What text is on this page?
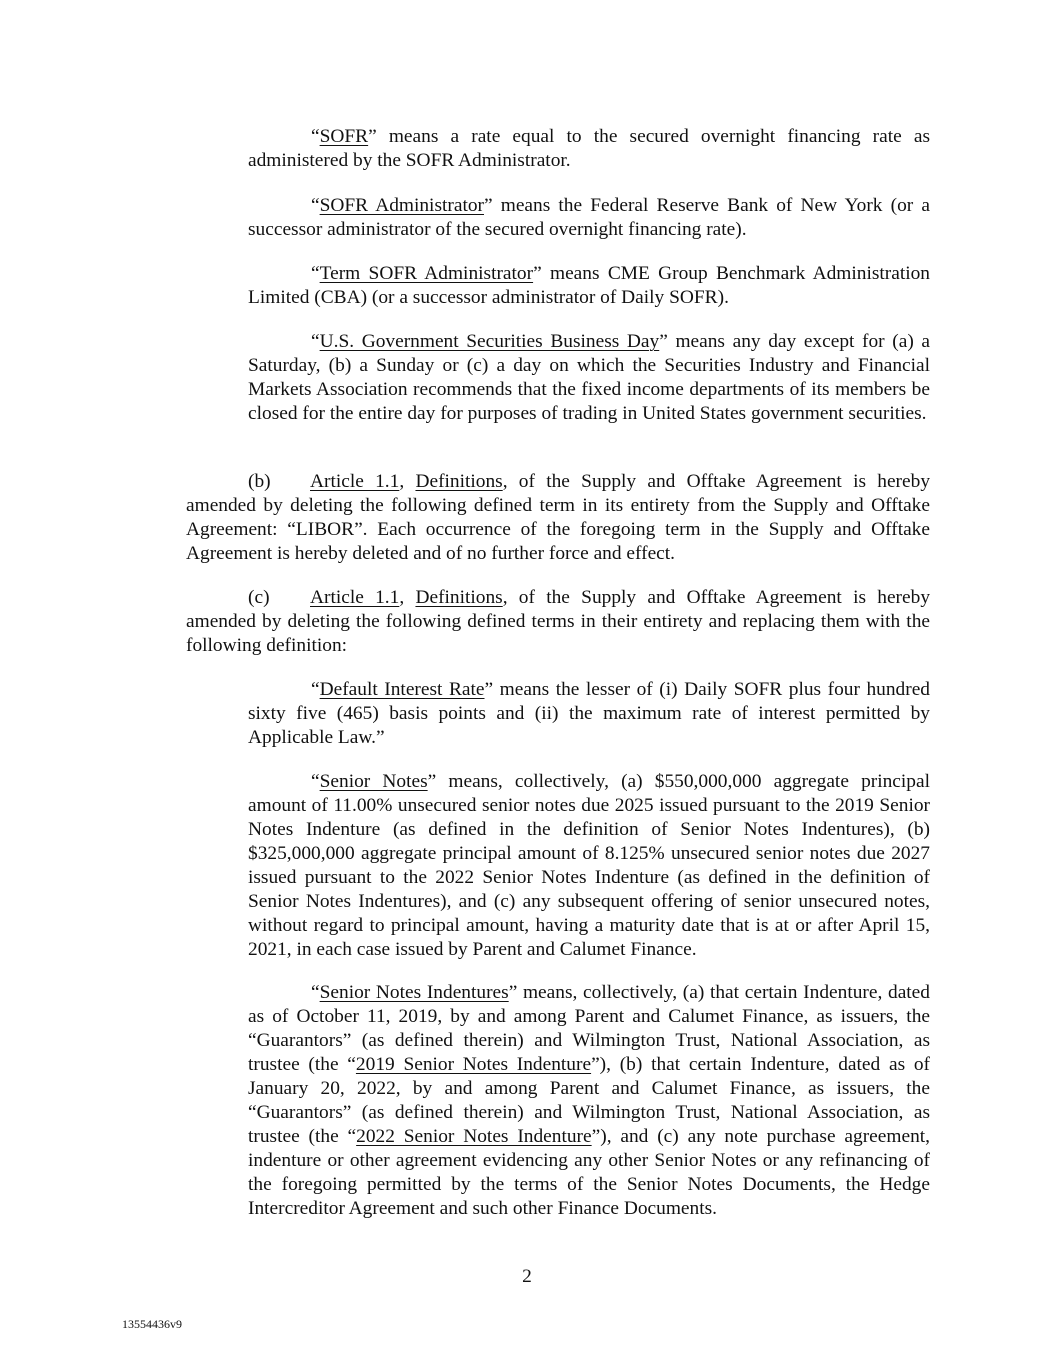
“SOFR” means a rate equal to the secured overnight financing rate as administered by the SOFR Administrator.

“SOFR Administrator” means the Federal Reserve Bank of New York (or a successor administrator of the secured overnight financing rate).

“Term SOFR Administrator” means CME Group Benchmark Administration Limited (CBA) (or a successor administrator of Daily SOFR).

“U.S. Government Securities Business Day” means any day except for (a) a Saturday, (b) a Sunday or (c) a day on which the Securities Industry and Financial Markets Association recommends that the fixed income departments of its members be closed for the entire day for purposes of trading in United States government securities.

(b) Article 1.1, Definitions, of the Supply and Offtake Agreement is hereby amended by deleting the following defined term in its entirety from the Supply and Offtake Agreement: “LIBOR”. Each occurrence of the foregoing term in the Supply and Offtake Agreement is hereby deleted and of no further force and effect.

(c) Article 1.1, Definitions, of the Supply and Offtake Agreement is hereby amended by deleting the following defined terms in their entirety and replacing them with the following definition:

“Default Interest Rate” means the lesser of (i) Daily SOFR plus four hundred sixty five (465) basis points and (ii) the maximum rate of interest permitted by Applicable Law.”

“Senior Notes” means, collectively, (a) $550,000,000 aggregate principal amount of 11.00% unsecured senior notes due 2025 issued pursuant to the 2019 Senior Notes Indenture (as defined in the definition of Senior Notes Indentures), (b) $325,000,000 aggregate principal amount of 8.125% unsecured senior notes due 2027 issued pursuant to the 2022 Senior Notes Indenture (as defined in the definition of Senior Notes Indentures), and (c) any subsequent offering of senior unsecured notes, without regard to principal amount, having a maturity date that is at or after April 15, 2021, in each case issued by Parent and Calumet Finance.

“Senior Notes Indentures” means, collectively, (a) that certain Indenture, dated as of October 11, 2019, by and among Parent and Calumet Finance, as issuers, the “Guarantors” (as defined therein) and Wilmington Trust, National Association, as trustee (the “2019 Senior Notes Indenture”), (b) that certain Indenture, dated as of January 20, 2022, by and among Parent and Calumet Finance, as issuers, the “Guarantors” (as defined therein) and Wilmington Trust, National Association, as trustee (the “2022 Senior Notes Indenture”), and (c) any note purchase agreement, indenture or other agreement evidencing any other Senior Notes or any refinancing of the foregoing permitted by the terms of the Senior Notes Documents, the Hedge Intercreditor Agreement and such other Finance Documents.

2
13554436v9
